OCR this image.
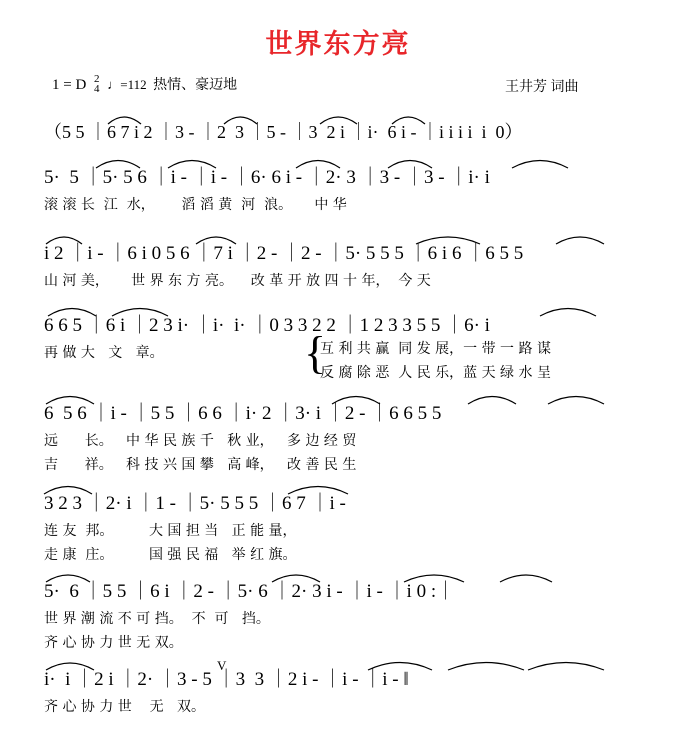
世界东方亮
1 = D 2
4 ♩=112 热情、豪迈地	王井芳 词曲
（5 5 ｜6 7 i 2 ｜3 - ｜2  3 ｜5 - ｜3  2 i ｜i·  6 i - ｜i i i i  i  0）
5·  5 ｜5· 5 6 ｜i - ｜i - ｜6· 6 i - ｜2· 3 ｜3 - ｜3 - ｜i· i
滚 滚 长  江  水，      滔 滔 黄  河  浪。     中 华
i 2 ｜i - ｜6 i 0 5 6 ｜7 i ｜2 - ｜2 - ｜5· 5 5 5 ｜6 i 6 ｜6 5 5
山 河 美，     世 界 东 方 亮。    改 革 开 放 四 十 年，  今 天
6 6 5 ｜6 i ｜2 3 i· ｜i·  i· ｜0 3 3 2 2 ｜1 2 3 3 5 5 ｜6· i
再 做 大   文   章。	{
互 利 共 赢  同 发 展，一 带 一 路 谋
反 腐 除 恶  人 民 乐，蓝 天 绿 水 呈
6  5 6 ｜i - ｜5 5 ｜6 6 ｜i· 2 ｜3· i ｜2 - ｜6 6 5 5
远      长。   中 华 民 族 千   秋 业，   多 边 经 贸
吉      祥。   科 技 兴 国 攀   高 峰，   改 善 民 生
3 2 3 ｜2· i ｜1 - ｜5· 5 5 5 ｜6 7 ｜i -
连 友  邦。        大 国 担 当   正 能 量，
走 康  庄。        国 强 民 福   举 红 旗。
5·  6 ｜5 5 ｜6 i ｜2 - ｜5· 6 ｜2· 3 i - ｜i - ｜i 0 :｜
世 界 潮 流 不 可 挡。  不  可   挡。
齐 心 协 力 世 无 双。
i·  i ｜2 i ｜2· ｜3 - 5 ｜3  3 ｜2 i - ｜i - ｜i - ‖
V
齐 心 协 力 世    无   双。
